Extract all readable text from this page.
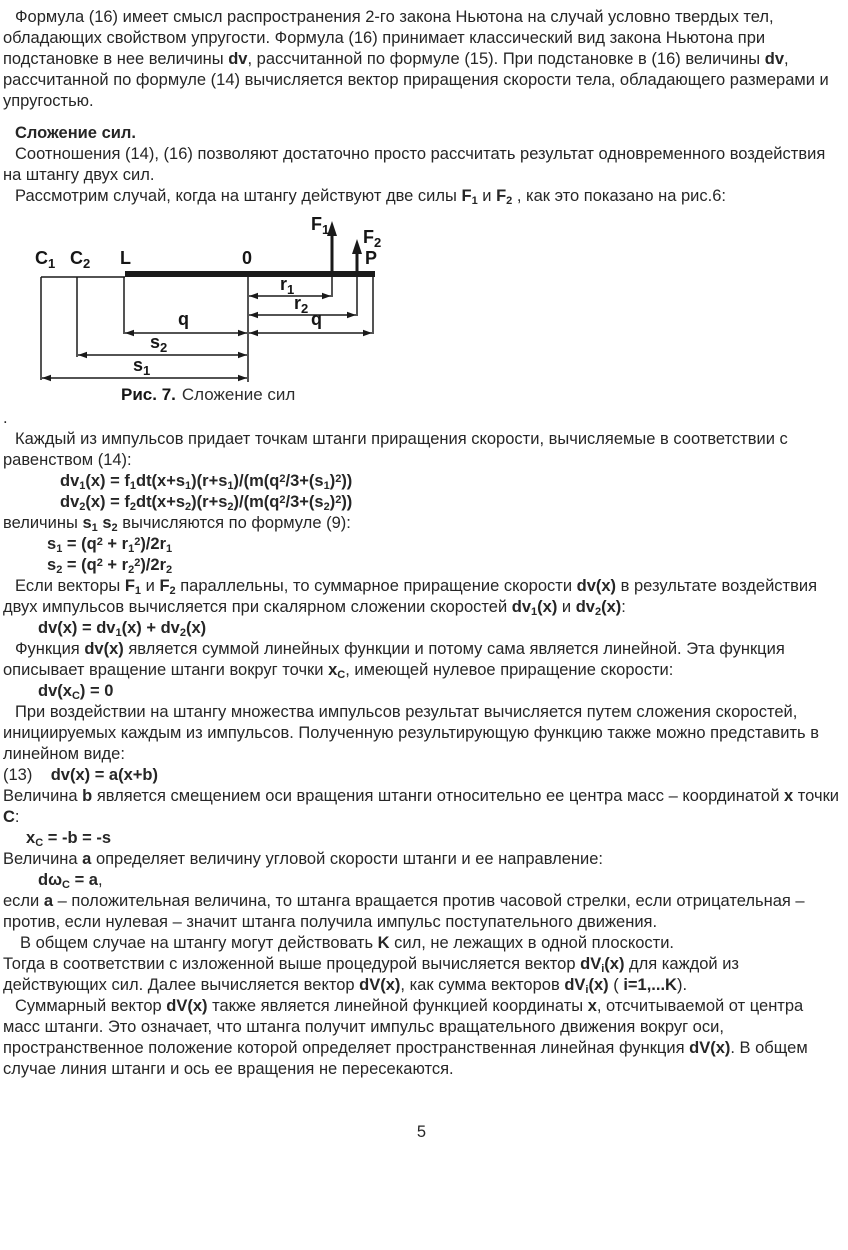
Формула (16) имеет смысл распространения 2-го закона Ньютона на случай условно твердых тел, обладающих свойством упругости. Формула (16) принимает классический вид закона Ньютона при подстановке в нее величины dv, рассчитанной по формуле (15). При подстановке в (16) величины dv, рассчитанной по формуле (14) вычисляется вектор приращения скорости тела, обладающего размерами и упругостью.

Сложение сил.

Соотношения (14), (16) позволяют достаточно просто рассчитать результат одновременного воздействия на штангу двух сил.

Рассмотрим случай, когда на штангу действуют две силы $F_1$ и $F_2$ , как это показано на рис.6:

$C_1$ $C_2$ L	0	P
$F_1$ $F_2$
$r_1$
$r_2$
q	q
$s_2$
$s_1$
Рис. 7. Сложение сил

.

Каждый из импульсов придает точкам штанги приращения скорости, вычисляемые в соответствии с равенством (14):

$dv_1(x) = f_1dt(x+s_1)(r+s_1)/(m(q^2/3+(s_1)^2))$

$dv_2(x) = f_2dt(x+s_2)(r+s_2)/(m(q^2/3+(s_2)^2))$

величины $s_1$ $s_2$ вычисляются по формуле (9):

$s_1 = (q^2 + r_1^2)/2r_1$

$s_2 = (q^2 + r_2^2)/2r_2$

Если векторы $F_1$ и $F_2$ параллельны, то суммарное приращение скорости dv(x) в результате воздействия двух импульсов вычисляется при скалярном сложении скоростей $dv_1(x)$ и $dv_2(x)$:

$dv(x) = dv_1(x) + dv_2(x)$

Функция dv(x) является суммой линейных функции и потому сама является линейной. Эта функция описывает вращение штанги вокруг точки $x_C$, имеющей нулевое приращение скорости:

$dv(x_C) = 0$

При воздействии на штангу множества импульсов результат вычисляется путем сложения скоростей, инициируемых каждым из импульсов. Полученную результирующую функцию также можно представить в линейном виде:

(13)    dv(x) = a(x+b)

Величина b является смещением оси вращения штанги относительно ее центра масс – координатой x точки C:

$x_C = -b = -s$

Величина a определяет величину угловой скорости штанги и ее направление:

$d\omega_C = a$,

если a – положительная величина, то штанга вращается против часовой стрелки, если отрицательная – против, если нулевая – значит штанга получила импульс поступательного движения.

В общем случае на штангу могут действовать K сил, не лежащих в одной плоскости.

Тогда в соответствии с изложенной выше процедурой вычисляется вектор $dV_i(x)$ для каждой из действующих сил. Далее вычисляется вектор dV(x), как сумма векторов $dV_i(x)$ ( i=1,...K).

Суммарный вектор dV(x) также является линейной функцией координаты x, отсчитываемой от центра масс штанги. Это означает, что штанга получит импульс вращательного движения вокруг оси, пространственное положение которой определяет пространственная линейная функция dV(x). В общем случае линия штанги и ось ее вращения не пересекаются.

5
